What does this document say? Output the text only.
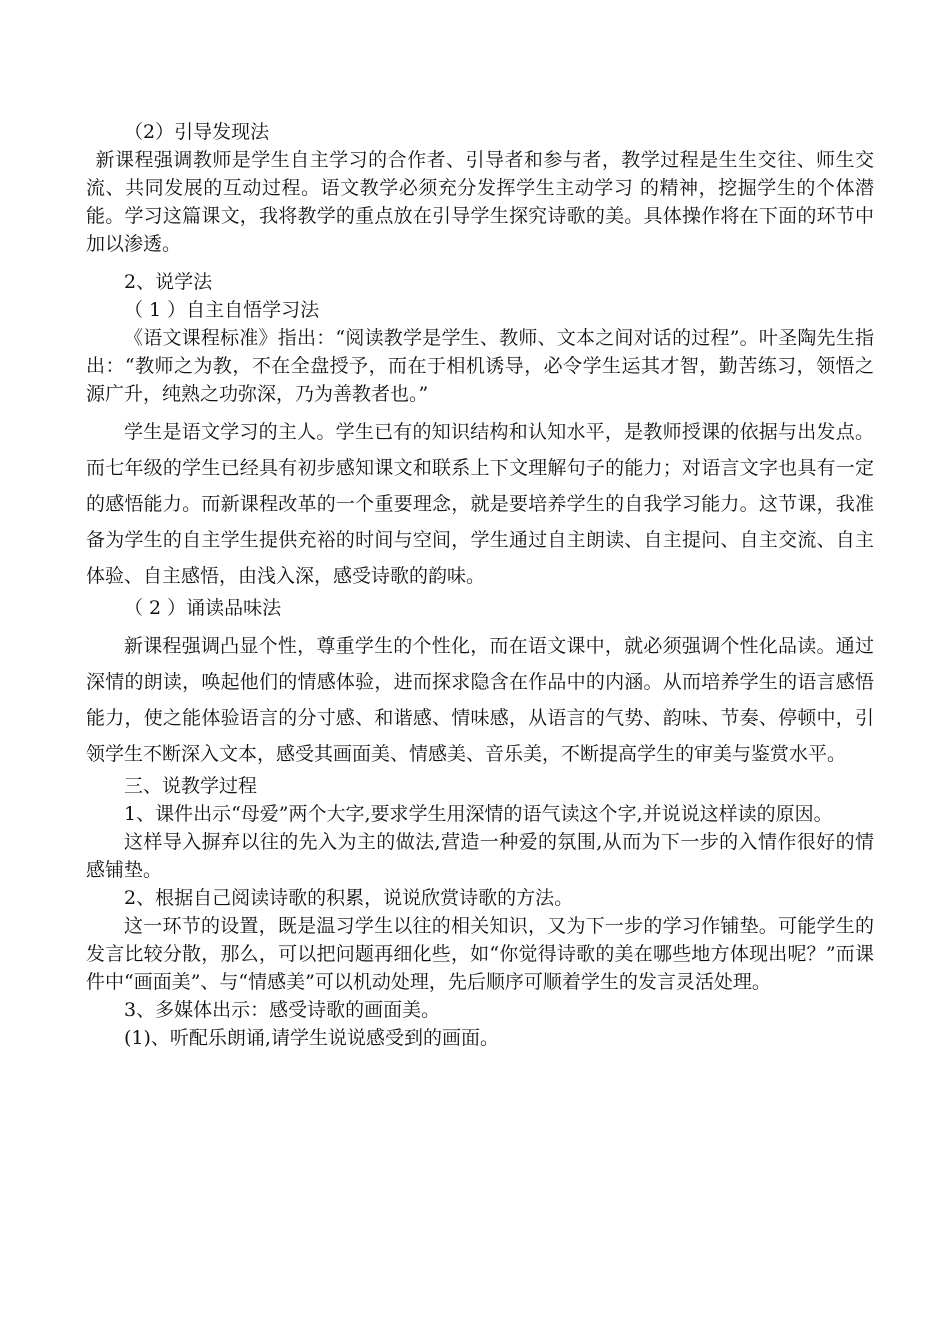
（2）引导发现法

新课程强调教师是学生自主学习的合作者、引导者和参与者，教学过程是生生交往、师生交流、共同发展的互动过程。语文教学必须充分发挥学生主动学习 的精神，挖掘学生的个体潜能。学习这篇课文，我将教学的重点放在引导学生探究诗歌的美。具体操作将在下面的环节中加以渗透。

2、说学法

（ 1 ）自主自悟学习法

《语文课程标准》指出：“阅读教学是学生、教师、文本之间对话的过程”。叶圣陶先生指出：“教师之为教，不在全盘授予，而在于相机诱导，必令学生运其才智，勤苦练习，领悟之源广升，纯熟之功弥深，乃为善教者也。”

学生是语文学习的主人。学生已有的知识结构和认知水平，是教师授课的依据与出发点。而七年级的学生已经具有初步感知课文和联系上下文理解句子的能力；对语言文字也具有一定的感悟能力。而新课程改革的一个重要理念，就是要培养学生的自我学习能力。这节课，我准备为学生的自主学生提供充裕的时间与空间，学生通过自主朗读、自主提问、自主交流、自主体验、自主感悟，由浅入深，感受诗歌的韵味。

（ 2 ）诵读品味法

新课程强调凸显个性，尊重学生的个性化，而在语文课中，就必须强调个性化品读。通过深情的朗读，唤起他们的情感体验，进而探求隐含在作品中的内涵。从而培养学生的语言感悟能力，使之能体验语言的分寸感、和谐感、情味感，从语言的气势、韵味、节奏、停顿中，引领学生不断深入文本，感受其画面美、情感美、音乐美，不断提高学生的审美与鉴赏水平。

三、说教学过程

1、课件出示“母爱”两个大字,要求学生用深情的语气读这个字,并说说这样读的原因。

这样导入摒弃以往的先入为主的做法,营造一种爱的氛围,从而为下一步的入情作很好的情感铺垫。

2、根据自己阅读诗歌的积累，说说欣赏诗歌的方法。

这一环节的设置，既是温习学生以往的相关知识，又为下一步的学习作铺垫。可能学生的发言比较分散，那么，可以把问题再细化些，如“你觉得诗歌的美在哪些地方体现出呢？”而课件中“画面美”、与“情感美”可以机动处理，先后顺序可顺着学生的发言灵活处理。

3、多媒体出示：感受诗歌的画面美。

(1)、听配乐朗诵,请学生说说感受到的画面。
